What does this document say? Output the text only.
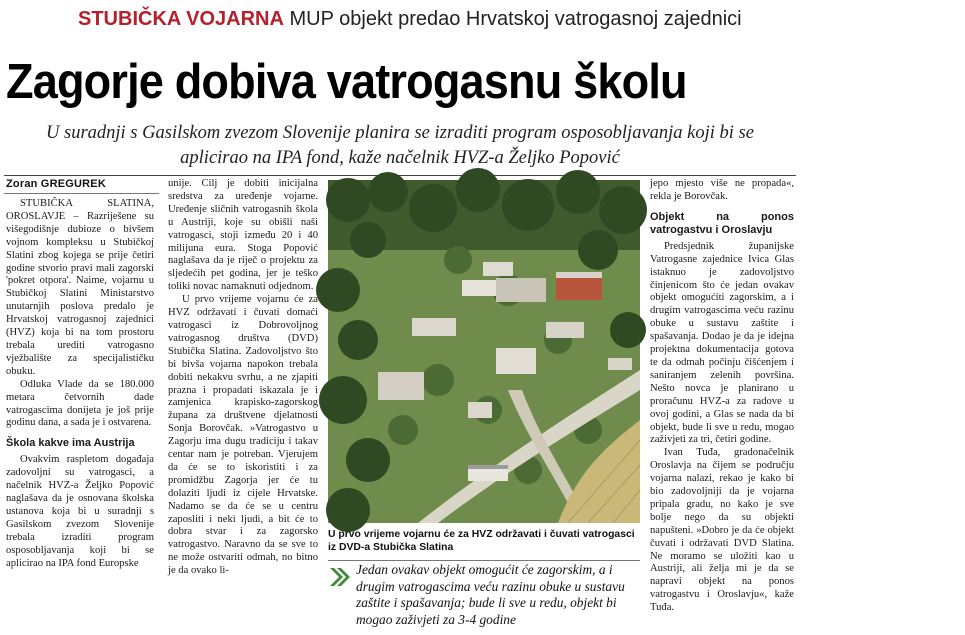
STUBIČKA VOJARNA MUP objekt predao Hrvatskoj vatrogasnoj zajednici
Zagorje dobiva vatrogasnu školu
U suradnji s Gasilskom zvezom Slovenije planira se izraditi program osposobljavanja koji bi se aplicirao na IPA fond, kaže načelnik HVZ-a Željko Popović
Zoran GREGUREK

STUBIČKA SLATINA, OROSLAVJE – Razriješene su višegodišnje dubioze o bivšem vojnom kompleksu u Stubičkoj Slatini zbog kojega se prije četiri godine stvorio pravi mali zagorski 'pokret otpora'. Naime, vojarnu u Stubičkoj Slatini Ministarstvo unutarnjih poslova predalo je Hrvatskoj vatrogasnoj zajednici (HVZ) koja bi na tom prostoru trebala urediti vatrogasno vježbalište za specijalističku obuku.

Odluka Vlade da se 180.000 metara četvornih dade vatrogascima donijeta je još prije godinu dana, a sada je i ostvarena.

Škola kakve ima Austrija

Ovakvim raspletom događaja zadovoljni su vatrogasci, a načelnik HVZ-a Željko Popović naglašava da je osnovana školska ustanova koja bi u suradnji s Gasilskom zvezom Slovenije trebala izraditi program osposobljavanja koji bi se aplicirao na IPA fond Europske

unije. Cilj je dobiti inicijalna sredstva za uređenje vojarne. Uređenje sličnih vatrogasnih škola u Austriji, koje su obišli naši vatrogasci, stoji između 20 i 40 milijuna eura. Stoga Popović naglašava da je riječ o projektu za sljedećih pet godina, jer je teško toliki novac namaknuti odjednom.

U prvo vrijeme vojarnu će za HVZ održavati i čuvati domaći vatrogasci iz Dobrovoljnog vatrogasnog društva (DVD) Stubička Slatina. Zadovoljstvo što bi bivša vojarna napokon trebala dobiti nekakvu svrhu, a ne zjapiti prazna i propadati iskazala je i zamjenica krapisko-zagorskog župana za društvene djelatnosti Sonja Borovčak. »Vatrogastvo u Zagorju ima dugu tradiciju i takav centar nam je potreban. Vjerujem da će se to iskoristiti i za promidžbu Zagorja jer će tu dolaziti ljudi iz cijele Hrvatske. Nadamo se da će se u centru zaposliti i neki ljudi, a bit će to dobra stvar i za zagorsko vatrogastvo. Naravno da se sve to ne može ostvariti odmah, no bitno je da ovako li-	ZORAN GREGUREK
U prvo vrijeme vojarnu će za HVZ održavati i čuvati vatrogasci iz DVD-a Stubička Slatina
Jedan ovakav objekt omogućit će zagorskim, a i drugim vatrogascima veću razinu obuke u sustavu zaštite i spašavanja; bude li sve u redu, objekt bi mogao zaživjeti za 3-4 godine

jepo mjesto više ne propada«, rekla je Borovčak.

Objekt na ponos vatrogastvu i Oroslavju

Predsjednik županijske Vatrogasne zajednice Ivica Glas istaknuo je zadovoljstvo činjenicom što će jedan ovakav objekt omogućiti zagorskim, a i drugim vatrogascima veću razinu obuke u sustavu zaštite i spašavanja. Dodao je da je idejna projektna dokumentacija gotova te da odmah počinju čišćenjem i saniranjem zelenih površina. Nešto novca je planirano u proračunu HVZ-a za radove u ovoj godini, a Glas se nada da bi objekt, bude li sve u redu, mogao zaživjeti za tri, četiri godine.

Ivan Tuđa, gradonačelnik Oroslavja na čijem se području vojarna nalazi, rekao je kako bi bio zadovoljniji da je vojarna pripala gradu, no kako je sve bolje nego da su objekti napušteni. »Dobro je da će objekt čuvati i održavati DVD Slatina. Ne moramo se uložiti kao u Austriji, ali želja mi je da se napravi objekt na ponos vatrogastvu i Oroslavju«, kaže Tuđa.
